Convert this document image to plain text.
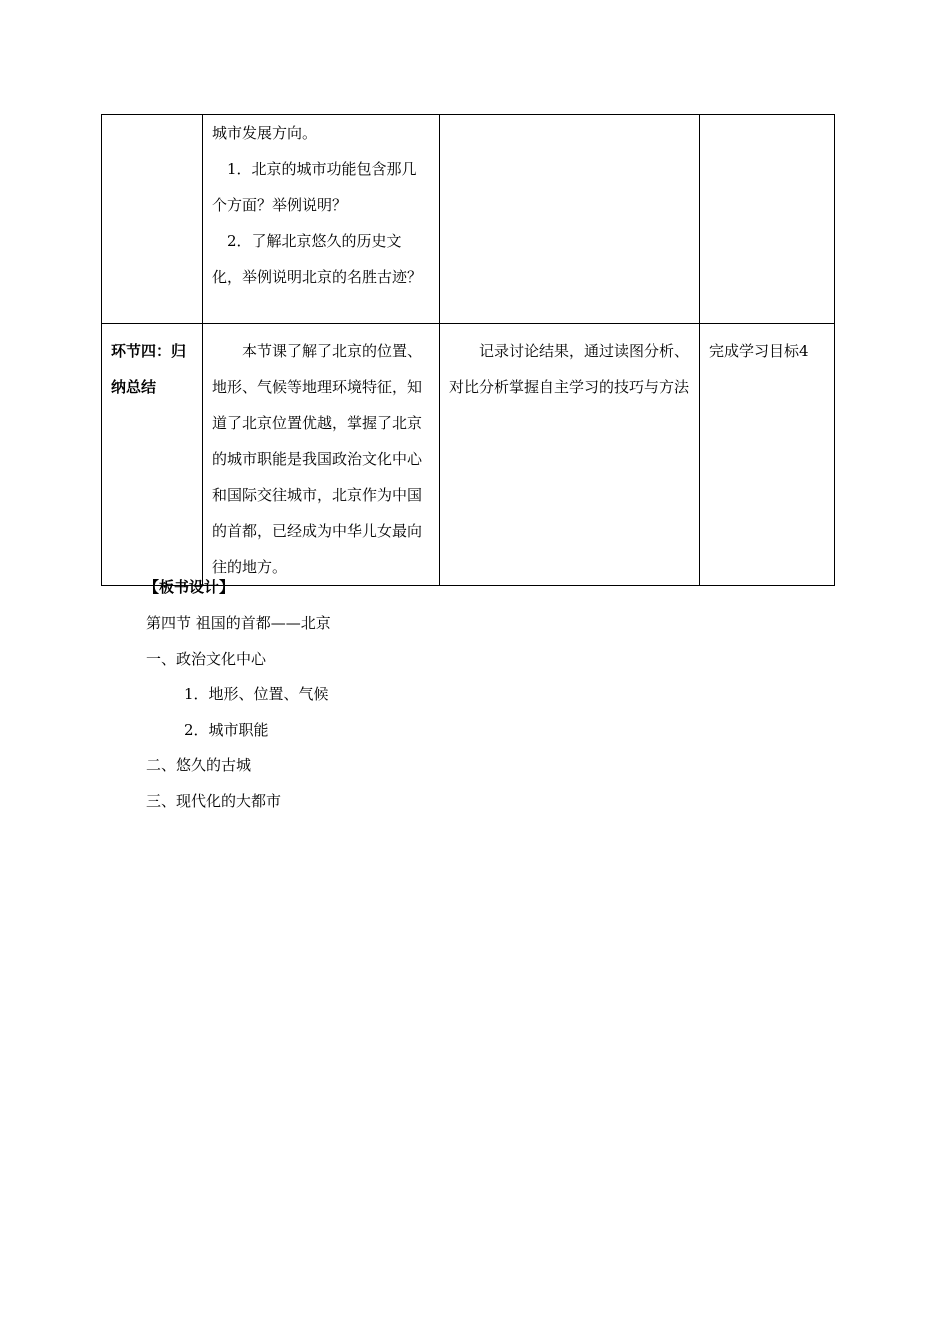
	城市发展方向。

1．北京的城市功能包含那几个方面？举例说明？

2．了解北京悠久的历史文化，举例说明北京的名胜古迹？		

环节四：归纳总结	本节课了解了北京的位置、地形、气候等地理环境特征，知道了北京位置优越，掌握了北京的城市职能是我国政治文化中心和国际交往城市，北京作为中国的首都，已经成为中华儿女最向往的地方。	记录讨论结果，通过读图分析、对比分析掌握自主学习的技巧与方法	完成学习目标4
【板书设计】
第四节 祖国的首都——北京
一、政治文化中心
1．地形、位置、气候
2．城市职能
二、悠久的古城
三、现代化的大都市
